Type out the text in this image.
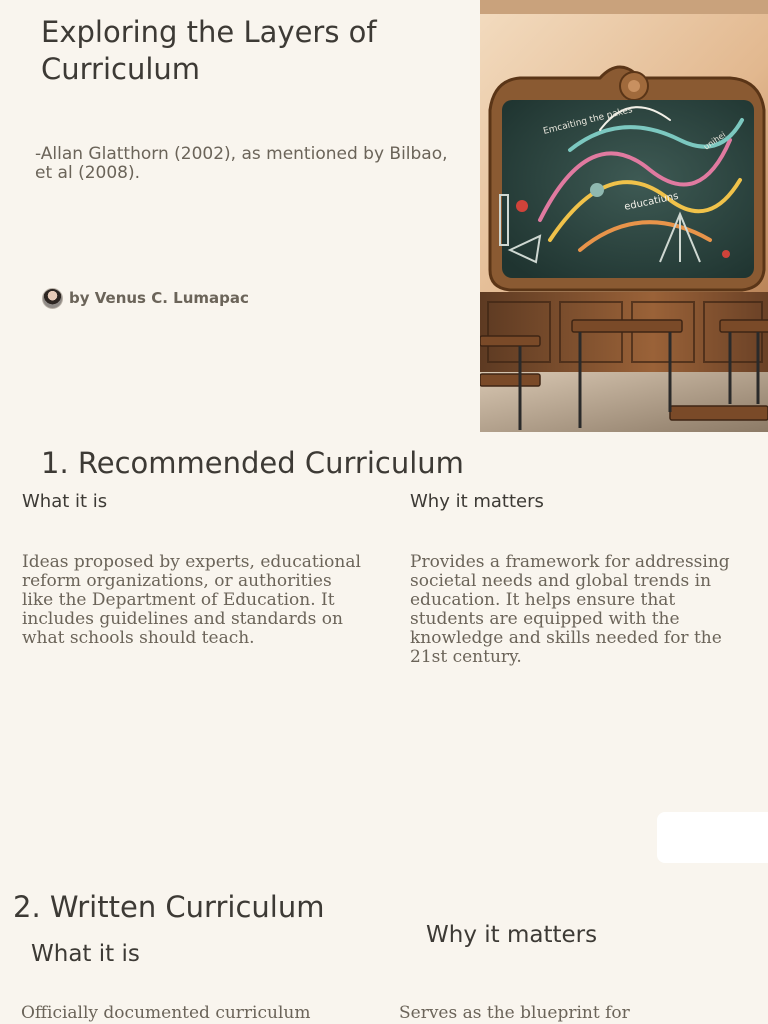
Exploring the Layers of Curriculum
-Allan Glatthorn (2002), as mentioned by Bilbao, et al (2008).
by Venus C. Lumapac
Emcaiting the pakes
educatiuns
unihei
1. Recommended Curriculum
What it is	Why it matters
Ideas proposed by experts, educational reform organizations, or authorities like the Department of Education. It includes guidelines and standards on what schools should teach.
Provides a framework for addressing societal needs and global trends in education. It helps ensure that students are equipped with the knowledge and skills needed for the 21st century.
2. Written Curriculum
What it is
Why it matters
Officially documented curriculum	Serves as the blueprint for
